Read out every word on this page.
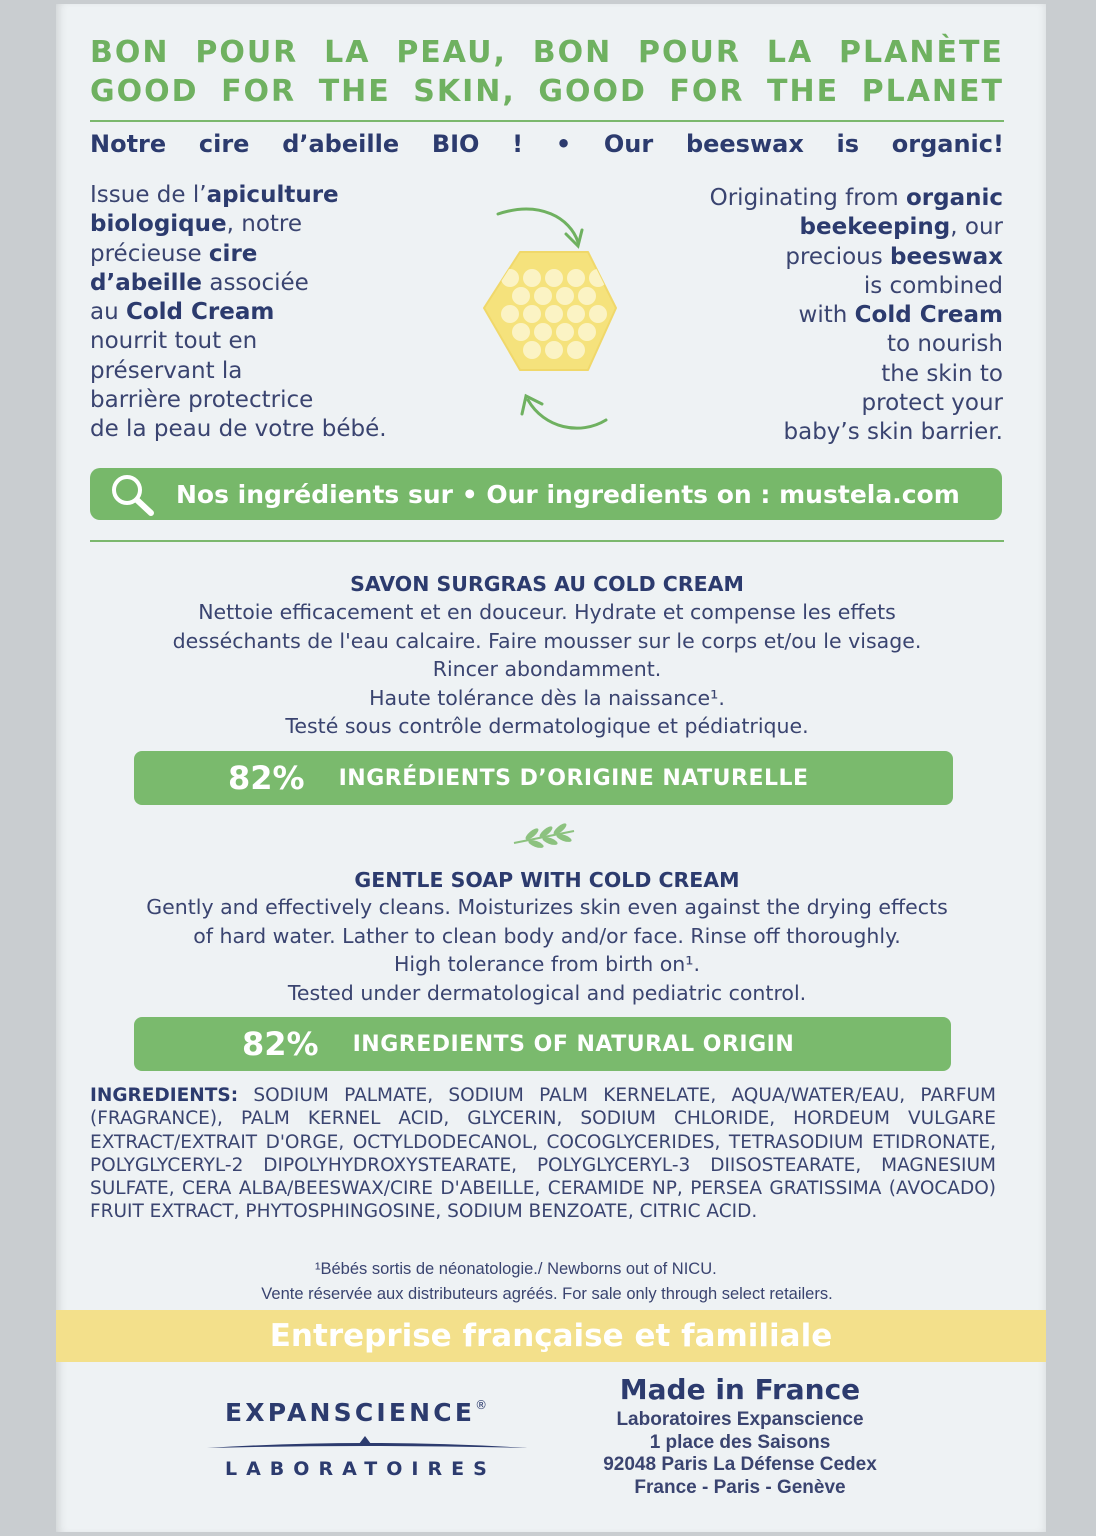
BON POUR LA PEAU, BON POUR LA PLANÈTE
GOOD FOR THE SKIN, GOOD FOR THE PLANET
Notre cire d’abeille BIO ! • Our beeswax is organic!
Issue de l’apiculture
biologique, notre
précieuse cire
d’abeille associée
au Cold Cream
nourrit tout en
préservant la
barrière protectrice
de la peau de votre bébé.
Originating from organic
beekeeping, our
precious beeswax
is combined
with Cold Cream
to nourish
the skin to
protect your
baby’s skin barrier.
Nos ingrédients sur • Our ingredients on : mustela.com
SAVON SURGRAS AU COLD CREAM
Nettoie efficacement et en douceur. Hydrate et compense les effets
desséchants de l'eau calcaire. Faire mousser sur le corps et/ou le visage.
Rincer abondamment.
Haute tolérance dès la naissance¹.
Testé sous contrôle dermatologique et pédiatrique.
82% INGRÉDIENTS D’ORIGINE NATURELLE
GENTLE SOAP WITH COLD CREAM
Gently and effectively cleans. Moisturizes skin even against the drying effects
of hard water. Lather to clean body and/or face. Rinse off thoroughly.
High tolerance from birth on¹.
Tested under dermatological and pediatric control.
82% INGREDIENTS OF NATURAL ORIGIN
INGREDIENTS: SODIUM PALMATE, SODIUM PALM KERNELATE, AQUA/WATER/EAU, PARFUM (FRAGRANCE), PALM KERNEL ACID, GLYCERIN, SODIUM CHLORIDE, HORDEUM VULGARE EXTRACT/EXTRAIT D'ORGE, OCTYLDODECANOL, COCOGLYCERIDES, TETRASODIUM ETIDRONATE, POLYGLYCERYL-2 DIPOLYHYDROXYSTEARATE, POLYGLYCERYL-3 DIISOSTEARATE, MAGNESIUM SULFATE, CERA ALBA/BEESWAX/CIRE D'ABEILLE, CERAMIDE NP, PERSEA GRATISSIMA (AVOCADO) FRUIT EXTRACT, PHYTOSPHINGOSINE, SODIUM BENZOATE, CITRIC ACID.
¹Bébés sortis de néonatologie./ Newborns out of NICU.
Vente réservée aux distributeurs agréés. For sale only through select retailers.
Entreprise française et familiale
EXPANSCIENCE®
LABORATOIRES
Made in France
Laboratoires Expanscience
1 place des Saisons
92048 Paris La Défense Cedex
France - Paris - Genève
